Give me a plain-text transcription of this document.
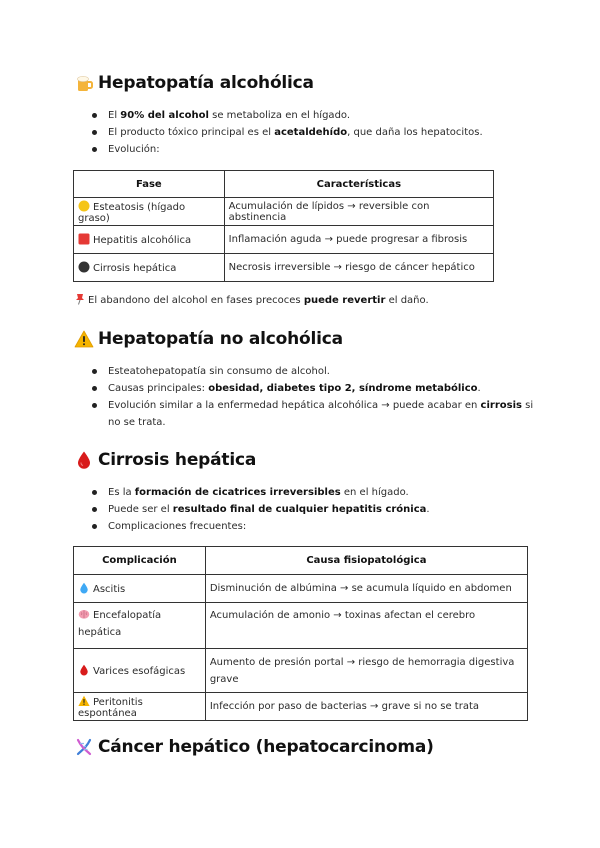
Hepatopatía alcohólica
El 90% del alcohol se metaboliza en el hígado.
El producto tóxico principal es el acetaldehído, que daña los hepatocitos.
Evolución:
Fase	Características

Esteatosis (hígado graso)	Acumulación de lípidos → reversible con abstinencia

Hepatitis alcohólica	Inflamación aguda → puede progresar a fibrosis

Cirrosis hepática	Necrosis irreversible → riesgo de cáncer hepático
El abandono del alcohol en fases precoces puede revertir el daño.
Hepatopatía no alcohólica
Esteatohepatopatía sin consumo de alcohol.
Causas principales: obesidad, diabetes tipo 2, síndrome metabólico.
Evolución similar a la enfermedad hepática alcohólica → puede acabar en cirrosis si no se trata.
Cirrosis hepática
Es la formación de cicatrices irreversibles en el hígado.
Puede ser el resultado final de cualquier hepatitis crónica.
Complicaciones frecuentes:
Complicación	Causa fisiopatológica

Ascitis	Disminución de albúmina → se acumula líquido en abdomen

Encefalopatía hepática	Acumulación de amonio → toxinas afectan el cerebro

Varices esofágicas	Aumento de presión portal → riesgo de hemorragia digestiva grave

Peritonitis espontánea	Infección por paso de bacterias → grave si no se trata
Cáncer hepático (hepatocarcinoma)
